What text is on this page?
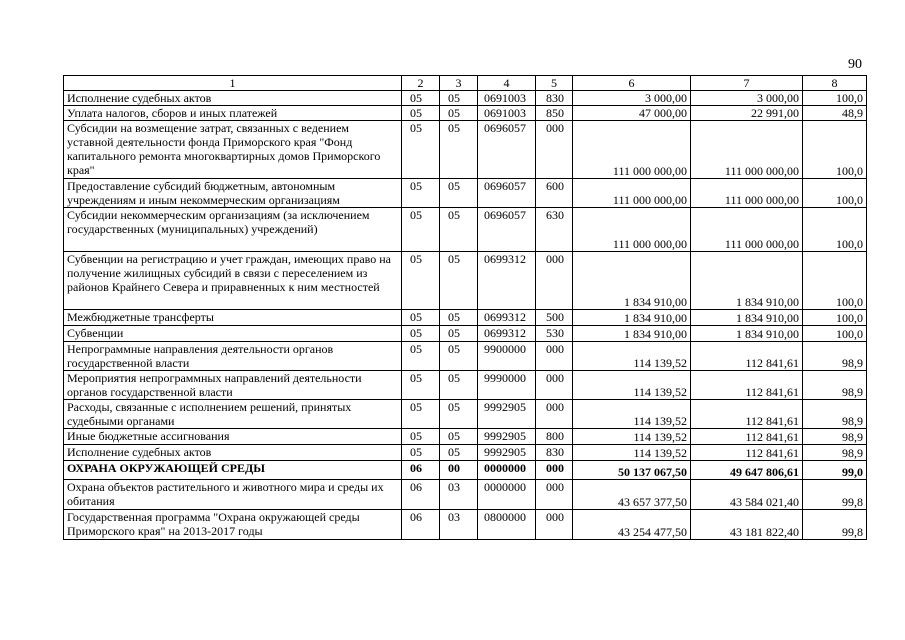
90
1	2	3	4	5	6	7	8
Исполнение судебных актов	05	05	0691003	830	3 000,00	3 000,00	100,0
Уплата налогов, сборов и иных платежей	05	05	0691003	850	47 000,00	22 991,00	48,9
Субсидии на возмещение затрат, связанных с ведением уставной деятельности фонда Приморского края "Фонд капитального ремонта многоквартирных домов Приморского края"	05	05	0696057	000	111 000 000,00	111 000 000,00	100,0
Предоставление субсидий бюджетным, автономным учреждениям и иным некоммерческим организациям	05	05	0696057	600	111 000 000,00	111 000 000,00	100,0
Субсидии некоммерческим организациям (за исключением государственных (муниципальных) учреждений)	05	05	0696057	630	111 000 000,00	111 000 000,00	100,0
Субвенции на регистрацию и учет граждан, имеющих право на получение жилищных субсидий в связи с переселением из районов Крайнего Севера и приравненных к ним местностей	05	05	0699312	000	1 834 910,00	1 834 910,00	100,0
Межбюджетные трансферты	05	05	0699312	500	1 834 910,00	1 834 910,00	100,0
Субвенции	05	05	0699312	530	1 834 910,00	1 834 910,00	100,0
Непрограммные направления деятельности органов государственной власти	05	05	9900000	000	114 139,52	112 841,61	98,9
Мероприятия непрограммных направлений деятельности органов государственной власти	05	05	9990000	000	114 139,52	112 841,61	98,9
Расходы, связанные с исполнением решений, принятых судебными органами	05	05	9992905	000	114 139,52	112 841,61	98,9
Иные бюджетные ассигнования	05	05	9992905	800	114 139,52	112 841,61	98,9
Исполнение судебных актов	05	05	9992905	830	114 139,52	112 841,61	98,9
ОХРАНА ОКРУЖАЮЩЕЙ СРЕДЫ	06	00	0000000	000	50 137 067,50	49 647 806,61	99,0
Охрана объектов растительного и животного мира и среды их обитания	06	03	0000000	000	43 657 377,50	43 584 021,40	99,8
Государственная программа "Охрана окружающей среды Приморского края" на 2013-2017 годы	06	03	0800000	000	43 254 477,50	43 181 822,40	99,8
